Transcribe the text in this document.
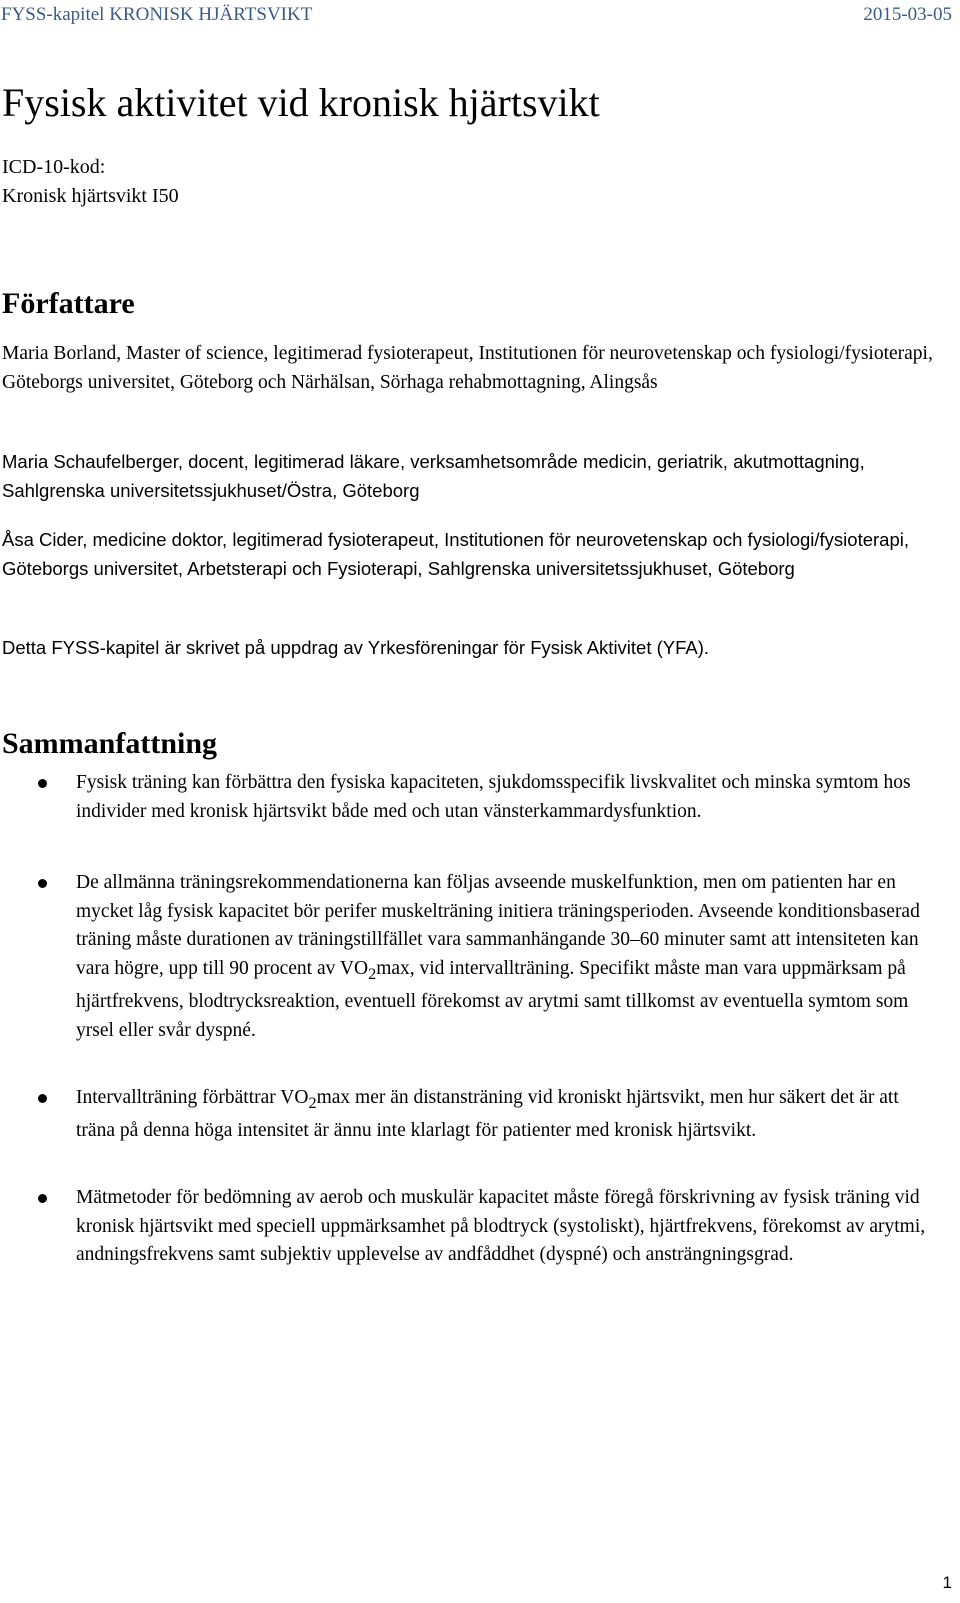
FYSS-kapitel KRONISK HJÄRTSVIKT	2015-03-05
Fysisk aktivitet vid kronisk hjärtsvikt
ICD-10-kod:
Kronisk hjärtsvikt I50
Författare

Maria Borland, Master of science, legitimerad fysioterapeut, Institutionen för neurovetenskap och fysiologi/fysioterapi, Göteborgs universitet, Göteborg och Närhälsan, Sörhaga rehabmottagning, Alingsås

Maria Schaufelberger, docent, legitimerad läkare, verksamhetsområde medicin, geriatrik, akutmottagning, Sahlgrenska universitetssjukhuset/Östra, Göteborg

Åsa Cider, medicine doktor, legitimerad fysioterapeut, Institutionen för neurovetenskap och fysiologi/fysioterapi, Göteborgs universitet, Arbetsterapi och Fysioterapi, Sahlgrenska universitetssjukhuset, Göteborg

Detta FYSS-kapitel är skrivet på uppdrag av Yrkesföreningar för Fysisk Aktivitet (YFA).

Sammanfattning
Fysisk träning kan förbättra den fysiska kapaciteten, sjukdomsspecifik livskvalitet och minska symtom hos individer med kronisk hjärtsvikt både med och utan vänsterkammardysfunktion.
De allmänna träningsrekommendationerna kan följas avseende muskelfunktion, men om patienten har en mycket låg fysisk kapacitet bör perifer muskelträning initiera träningsperioden. Avseende konditionsbaserad träning måste durationen av träningstillfället vara sammanhängande 30–60 minuter samt att intensiteten kan vara högre, upp till 90 procent av $VO_2\max$, vid intervallträning. Specifikt måste man vara uppmärksam på hjärtfrekvens, blodtrycksreaktion, eventuell förekomst av arytmi samt tillkomst av eventuella symtom som yrsel eller svår dyspné.
Intervallträning förbättrar $VO_2\max$ mer än distansträning vid kroniskt hjärtsvikt, men hur säkert det är att träna på denna höga intensitet är ännu inte klarlagt för patienter med kronisk hjärtsvikt.
Mätmetoder för bedömning av aerob och muskulär kapacitet måste föregå förskrivning av fysisk träning vid kronisk hjärtsvikt med speciell uppmärksamhet på blodtryck (systoliskt), hjärtfrekvens, förekomst av arytmi, andningsfrekvens samt subjektiv upplevelse av andfåddhet (dyspné) och ansträngningsgrad.
1
